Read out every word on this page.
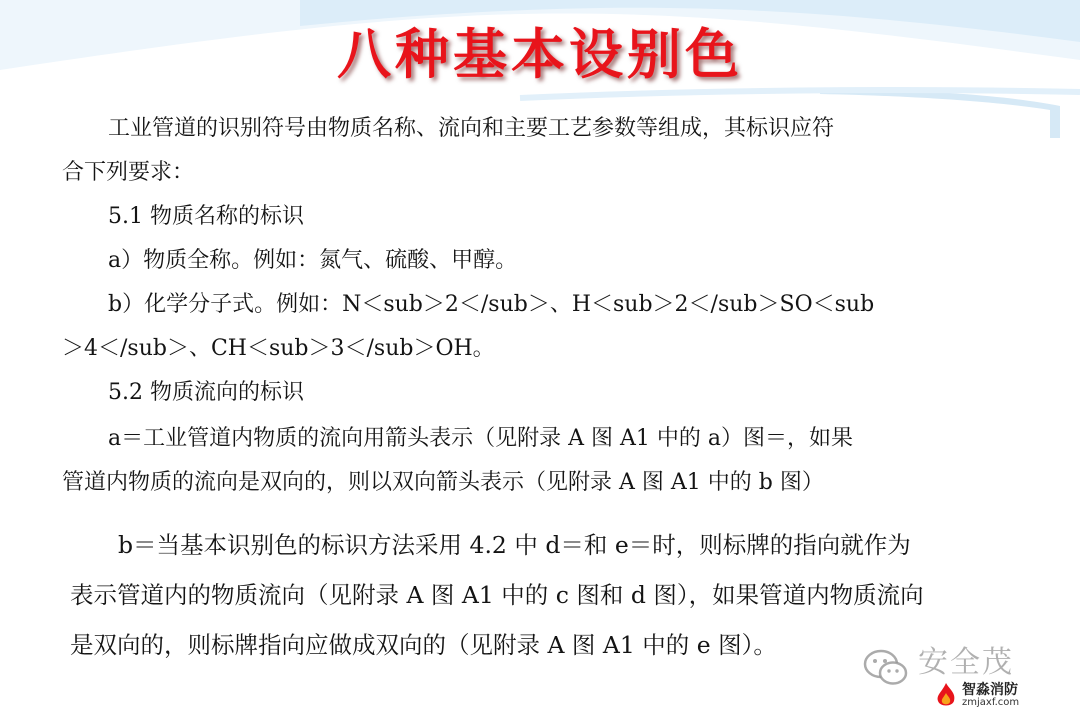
八种基本设别色

工业管道的识别符号由物质名称、流向和主要工艺参数等组成，其标识应符

合下列要求：

5.1 物质名称的标识

a）物质全称。例如：氮气、硫酸、甲醇。

b）化学分子式。例如：N＜sub＞2＜/sub＞、H＜sub＞2＜/sub＞SO＜sub

＞4＜/sub＞、CH＜sub＞3＜/sub＞OH。

5.2 物质流向的标识

a＝工业管道内物质的流向用箭头表示（见附录 A 图 A1 中的 a）图＝，如果

管道内物质的流向是双向的，则以双向箭头表示（见附录 A 图 A1 中的 b 图）

b＝当基本识别色的标识方法采用 4.2 中 d＝和 e＝时，则标牌的指向就作为

表示管道内的物质流向（见附录 A 图 A1 中的 c 图和 d 图），如果管道内物质流向

是双向的，则标牌指向应做成双向的（见附录 A 图 A1 中的 e 图）。	安全茂
智淼消防
zmjaxf.com
